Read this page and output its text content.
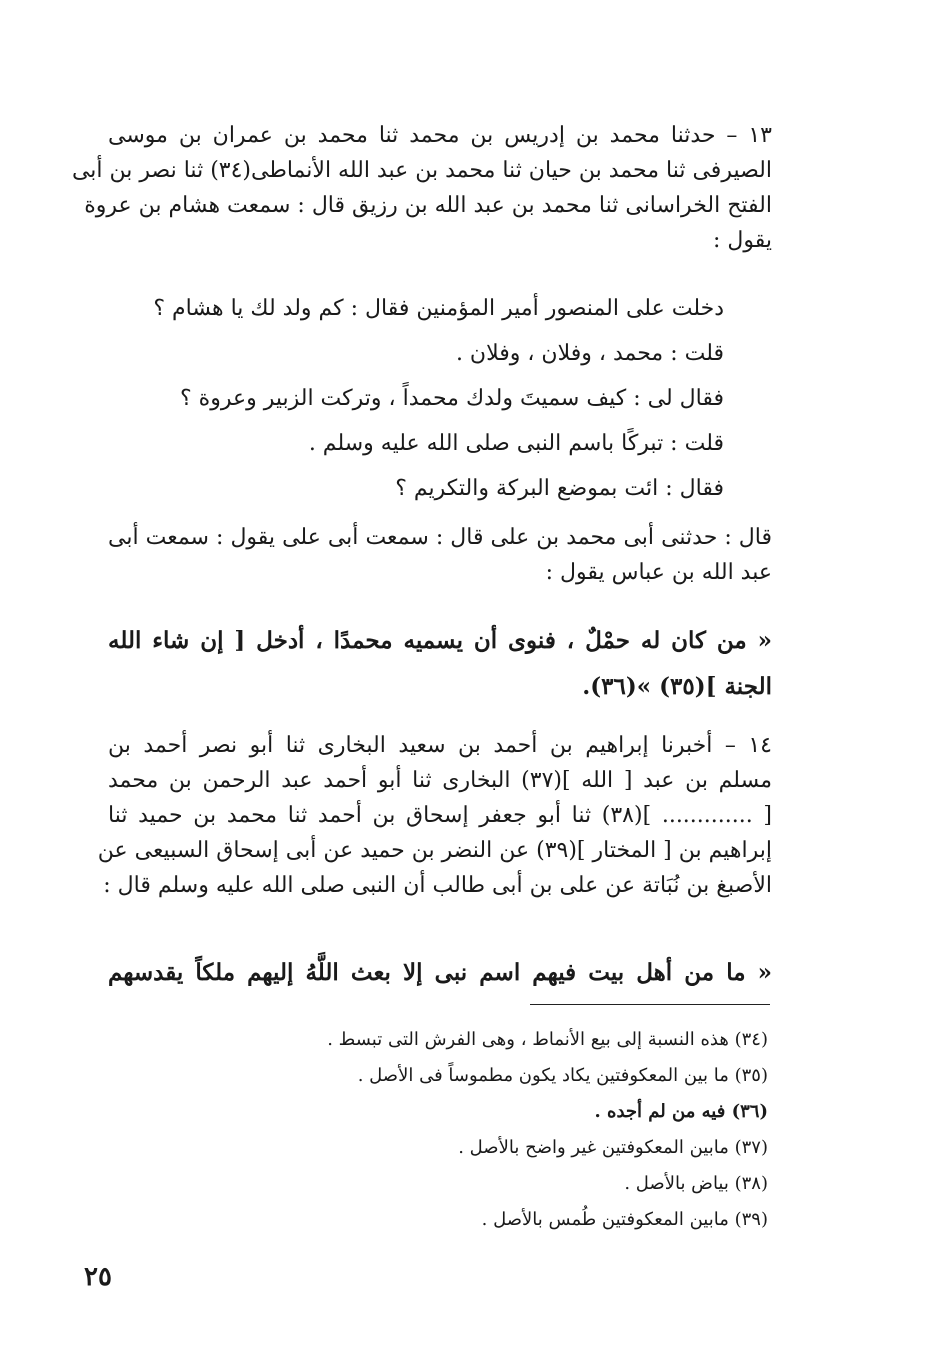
١٣ – حدثنا محمد بن إدريس بن محمد ثنا محمد بن عمران بن موسى
الصيرفى ثنا محمد بن حيان ثنا محمد بن عبد الله الأنماطى(٣٤) ثنا نصر بن أبى
الفتح الخراسانى ثنا محمد بن عبد الله بن رزيق قال : سمعت هشام بن عروة
يقول :
دخلت على المنصور أمير المؤمنين فقال : كم ولد لك يا هشام ؟
قلت : محمد ، وفلان ، وفلان .
فقال لى : كيف سميتَ ولدك محمداً ، وتركت الزبير وعروة ؟
قلت : تبركًا باسم النبى صلى الله عليه وسلم .
فقال : ائت بموضع البركة والتكريم ؟
قال : حدثنى أبى محمد بن على قال : سمعت أبى على يقول : سمعت أبى
عبد الله بن عباس يقول :
« من كان له حمْلٌ ، فنوى أن يسميه محمدًا ، أدخل [ إن شاء الله
الجنة ](٣٥) »(٣٦).
١٤ – أخبرنا إبراهيم بن أحمد بن سعيد البخارى ثنا أبو نصر أحمد بن
مسلم بن عبد [ الله ](٣٧) البخارى ثنا أبو أحمد عبد الرحمن بن محمد
[ ............. ](٣٨) ثنا أبو جعفر إسحاق بن أحمد ثنا محمد بن حميد ثنا
إبراهيم بن [ المختار ](٣٩) عن النضر بن حميد عن أبى إسحاق السبيعى عن
الأصبغ بن نُبَاتة عن على بن أبى طالب أن النبى صلى الله عليه وسلم قال :
« ما من أهل بيت فيهم اسم نبى إلا بعث اللَّهُ إليهم ملكاً يقدسهم
(٣٤) هذه النسبة إلى بيع الأنماط ، وهى الفرش التى تبسط .
(٣٥) ما بين المعكوفتين يكاد يكون مطموساً فى الأصل .
(٣٦) فيه من لم أجده .
(٣٧) مابين المعكوفتين غير واضح بالأصل .
(٣٨) بياض بالأصل .
(٣٩) مابين المعكوفتين طُمس بالأصل .
٢٥
